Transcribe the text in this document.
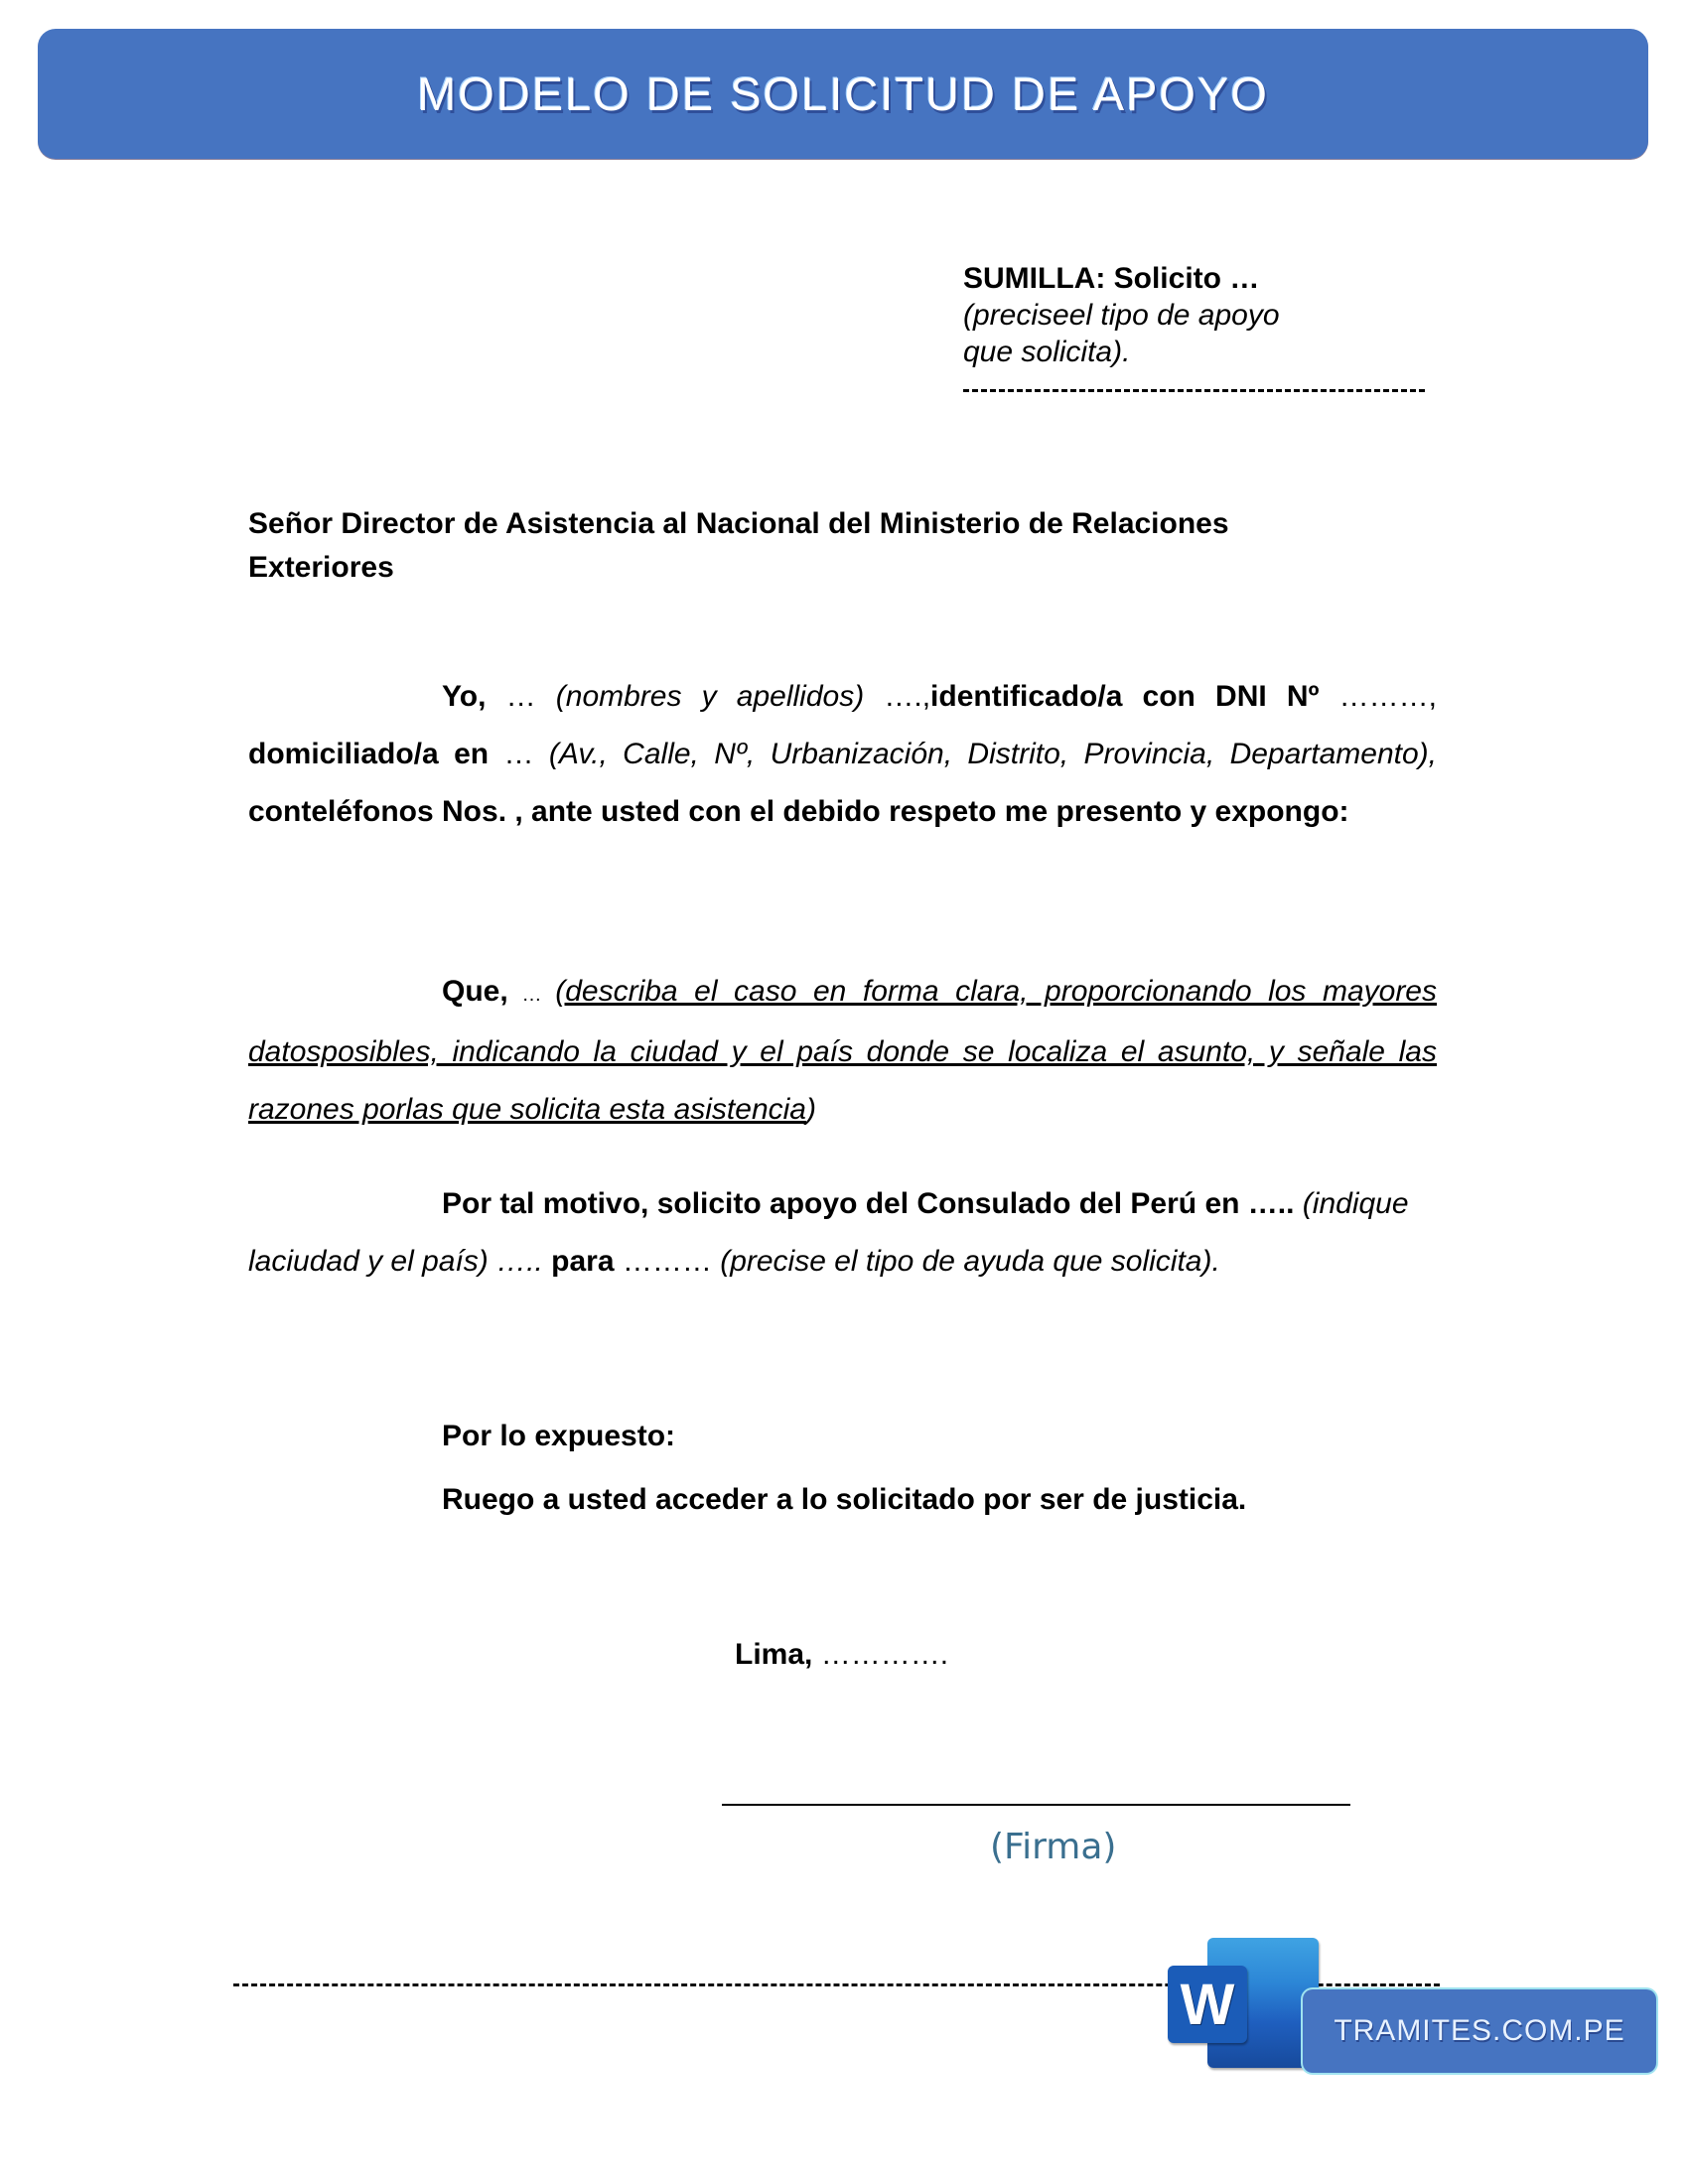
MODELO DE SOLICITUD DE APOYO
SUMILLA: Solicito …
(preciseel tipo de apoyo
que solicita).
Señor Director de Asistencia al Nacional del Ministerio de Relaciones
Exteriores
Yo, … (nombres y apellidos) ….,identificado/a con DNI Nº ………, domiciliado/a en … (Av., Calle, Nº, Urbanización, Distrito, Provincia, Departamento), conteléfonos Nos. , ante usted con el debido respeto me presento y expongo:
Que, … (describa el caso en forma clara, proporcionando los mayores datosposibles, indicando la ciudad y el país donde se localiza el asunto, y señale las razones porlas que solicita esta asistencia)
Por tal motivo, solicito apoyo del Consulado del Perú en ….. (indique laciudad y el país) ….. para ……… (precise el tipo de ayuda que solicita).
Por lo expuesto:
Ruego a usted acceder a lo solicitado por ser de justicia.
Lima, ………….
(Firma)
W	TRAMITES.COM.PE
